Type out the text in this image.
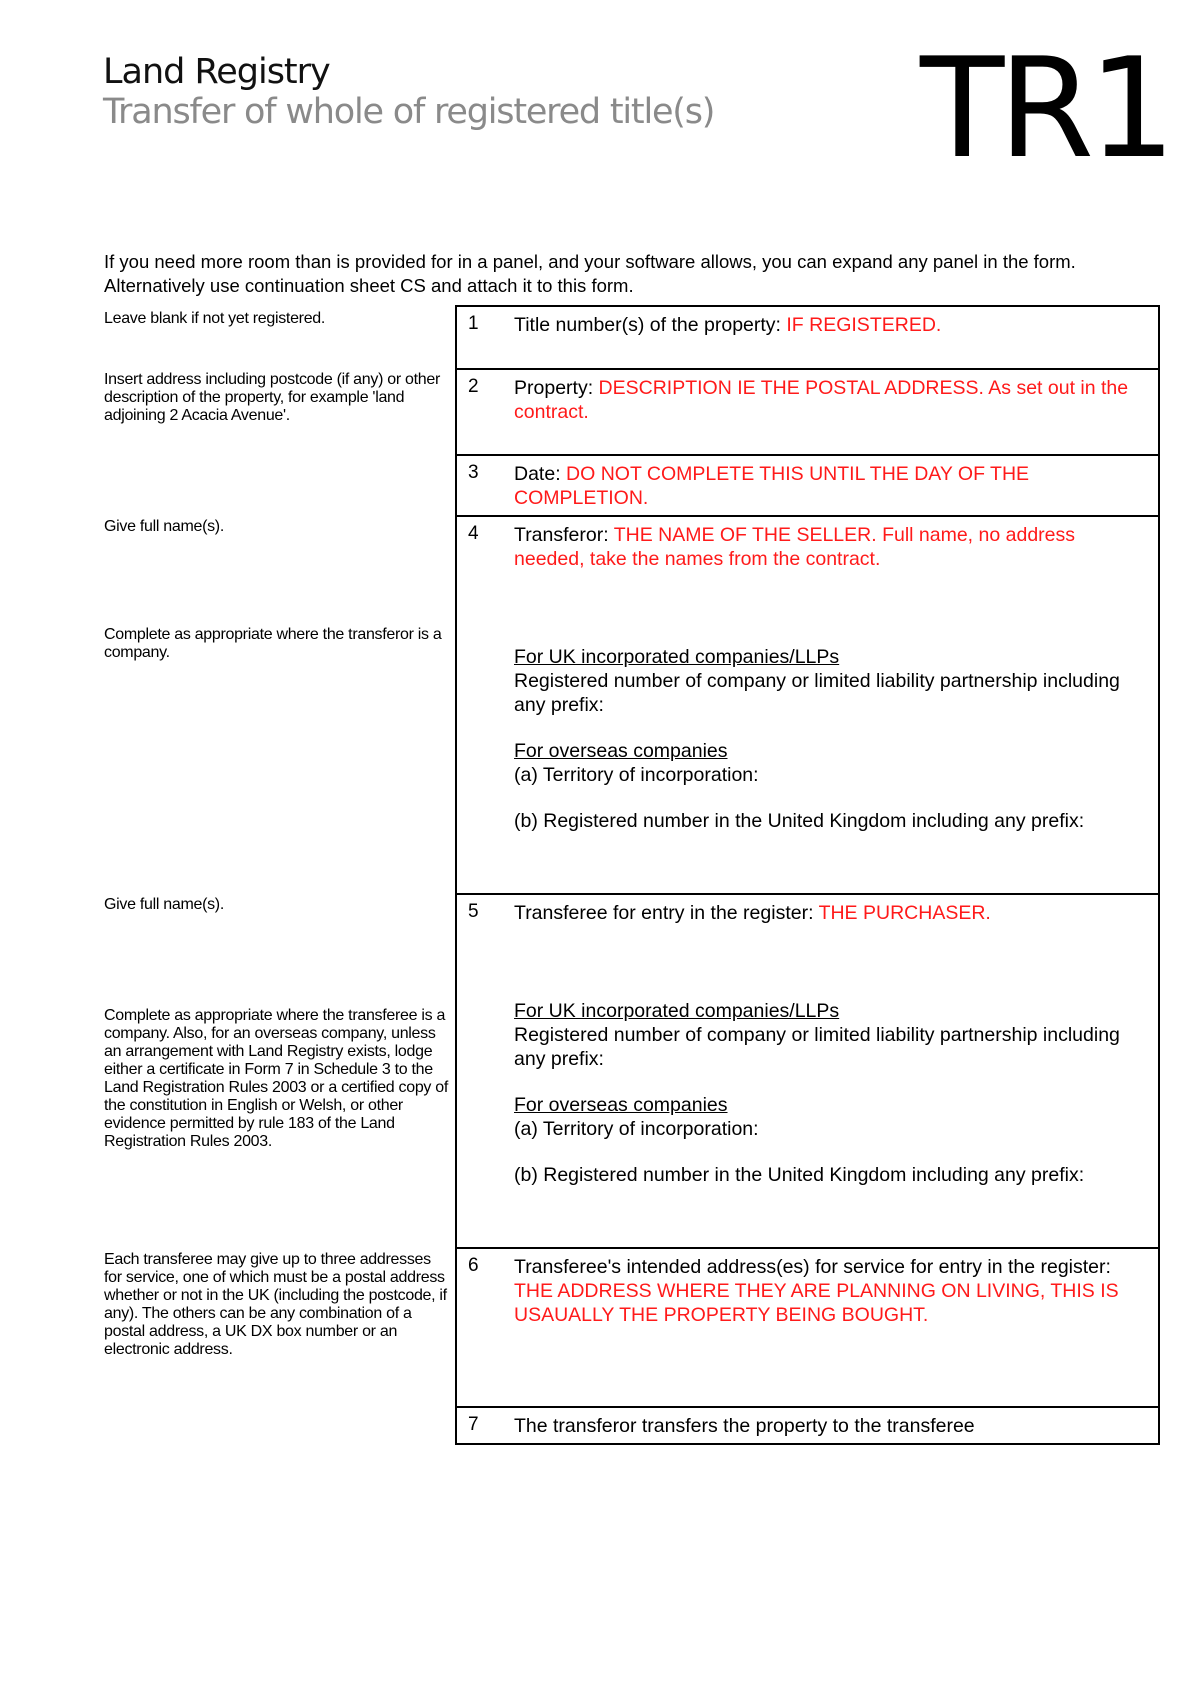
Land Registry
Transfer of whole of registered title(s) TR1
If you need more room than is provided for in a panel, and your software allows, you can expand any panel in the form. Alternatively use continuation sheet CS and attach it to this form.
Leave blank if not yet registered.
Insert address including postcode (if any) or other description of the property, for example 'land adjoining 2 Acacia Avenue'.
Give full name(s).
Complete as appropriate where the transferor is a company.
Give full name(s).
Complete as appropriate where the transferee is a company. Also, for an overseas company, unless an arrangement with Land Registry exists, lodge either a certificate in Form 7 in Schedule 3 to the Land Registration Rules 2003 or a certified copy of the constitution in English or Welsh, or other evidence permitted by rule 183 of the Land Registration Rules 2003.
Each transferee may give up to three addresses for service, one of which must be a postal address whether or not in the UK (including the postcode, if any). The others can be any combination of a postal address, a UK DX box number or an electronic address.
1 Title number(s) of the property: IF REGISTERED.
2 Property: DESCRIPTION IE THE POSTAL ADDRESS. As set out in the contract.
3 Date: DO NOT COMPLETE THIS UNTIL THE DAY OF THE COMPLETION.
4 Transferor: THE NAME OF THE SELLER. Full name, no address needed, take the names from the contract.
For UK incorporated companies/LLPs
Registered number of company or limited liability partnership including any prefix:
For overseas companies
(a) Territory of incorporation:
(b) Registered number in the United Kingdom including any prefix:
5 Transferee for entry in the register: THE PURCHASER.
For UK incorporated companies/LLPs
Registered number of company or limited liability partnership including any prefix:
For overseas companies
(a) Territory of incorporation:
(b) Registered number in the United Kingdom including any prefix:
6 Transferee's intended address(es) for service for entry in the register: THE ADDRESS WHERE THEY ARE PLANNING ON LIVING, THIS IS USAUALLY THE PROPERTY BEING BOUGHT.
7 The transferor transfers the property to the transferee
